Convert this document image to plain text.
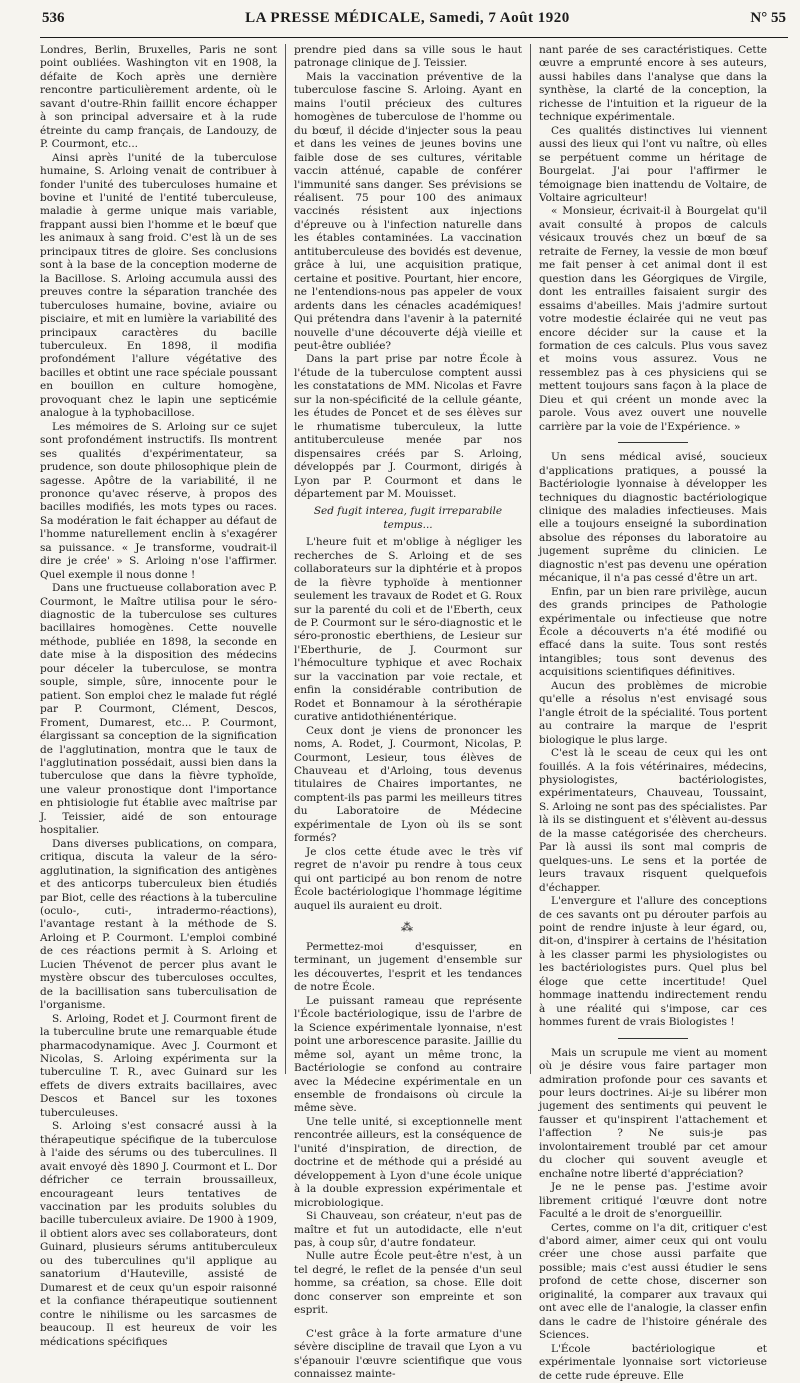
536	LA PRESSE MÉDICALE, Samedi, 7 Août 1920	N° 55

Londres, Berlin, Bruxelles, Paris ne sont point oubliées. Washington vit en 1908, la défaite de Koch après une dernière rencontre particulièrement ardente, où le savant d'outre-Rhin faillit encore échapper à son principal adversaire et à la rude étreinte du camp français, de Landouzy, de P. Courmont, etc...

Ainsi après l'unité de la tuberculose humaine, S. Arloing venait de contribuer à fonder l'unité des tuberculoses humaine et bovine et l'unité de l'entité tuberculeuse, maladie à germe unique mais variable, frappant aussi bien l'homme et le bœuf que les animaux à sang froid. C'est là un de ses principaux titres de gloire. Ses conclusions sont à la base de la conception moderne de la Bacillose. S. Arloing accumula aussi des preuves contre la séparation tranchée des tuberculoses humaine, bovine, aviaire ou pisciaire, et mit en lumière la variabilité des principaux caractères du bacille tuberculeux. En 1898, il modifia profondément l'allure végétative des bacilles et obtint une race spéciale poussant en bouillon en culture homogène, provoquant chez le lapin une septicémie analogue à la typhobacillose.

Les mémoires de S. Arloing sur ce sujet sont profondément instructifs. Ils montrent ses qualités d'expérimentateur, sa prudence, son doute philosophique plein de sagesse. Apôtre de la variabilité, il ne prononce qu'avec réserve, à propos des bacilles modifiés, les mots types ou races. Sa modération le fait échapper au défaut de l'homme naturellement enclin à s'exagérer sa puissance. « Je transforme, voudrait-il dire je crée' » S. Arloing n'ose l'affirmer. Quel exemple il nous donne !

Dans une fructueuse collaboration avec P. Courmont, le Maître utilisa pour le séro-diagnostic de la tuberculose ses cultures bacillaires homogènes. Cette nouvelle méthode, publiée en 1898, la seconde en date mise à la disposition des médecins pour déceler la tuberculose, se montra souple, simple, sûre, innocente pour le patient. Son emploi chez le malade fut réglé par P. Courmont, Clément, Descos, Froment, Dumarest, etc... P. Courmont, élargissant sa conception de la signification de l'agglutination, montra que le taux de l'agglutination possédait, aussi bien dans la tuberculose que dans la fièvre typhoïde, une valeur pronostique dont l'importance en phtisiologie fut établie avec maîtrise par J. Teissier, aidé de son entourage hospitalier.

Dans diverses publications, on compara, critiqua, discuta la valeur de la séro-agglutination, la signification des antigènes et des anticorps tuberculeux bien étudiés par Biot, celle des réactions à la tuberculine (oculo-, cuti-, intradermo-réactions), l'avantage restant à la méthode de S. Arloing et P. Courmont. L'emploi combiné de ces réactions permit à S. Arloing et Lucien Thévenot de percer plus avant le mystère obscur des tuberculoses occultes, de la bacillisation sans tuberculisation de l'organisme.

S. Arloing, Rodet et J. Courmont firent de la tuberculine brute une remarquable étude pharmacodynamique. Avec J. Courmont et Nicolas, S. Arloing expérimenta sur la tuberculine T. R., avec Guinard sur les effets de divers extraits bacillaires, avec Descos et Bancel sur les toxones tuberculeuses.

S. Arloing s'est consacré aussi à la thérapeutique spécifique de la tuberculose à l'aide des sérums ou des tuberculines. Il avait envoyé dès 1890 J. Courmont et L. Dor défricher ce terrain broussailleux, encourageant leurs tentatives de vaccination par les produits solubles du bacille tuberculeux aviaire. De 1900 à 1909, il obtient alors avec ses collaborateurs, dont Guinard, plusieurs sérums antituberculeux ou des tuberculines qu'il applique au sanatorium d'Hauteville, assisté de Dumarest et de ceux qu'un espoir raisonné et la confiance thérapeutique soutiennent contre le nihilisme ou les sarcasmes de beaucoup. Il est heureux de voir les médications spécifiques

prendre pied dans sa ville sous le haut patronage clinique de J. Teissier.

Mais la vaccination préventive de la tuberculose fascine S. Arloing. Ayant en mains l'outil précieux des cultures homogènes de tuberculose de l'homme ou du bœuf, il décide d'injecter sous la peau et dans les veines de jeunes bovins une faible dose de ses cultures, véritable vaccin atténué, capable de conférer l'immunité sans danger. Ses prévisions se réalisent. 75 pour 100 des animaux vaccinés résistent aux injections d'épreuve ou à l'infection naturelle dans les étables contaminées. La vaccination antituberculeuse des bovidés est devenue, grâce à lui, une acquisition pratique, certaine et positive. Pourtant, hier encore, ne l'entendions-nous pas appeler de voux ardents dans les cénacles académiques! Qui prétendra dans l'avenir à la paternité nouvelle d'une découverte déjà vieille et peut-être oubliée?

Dans la part prise par notre École à l'étude de la tuberculose comptent aussi les constatations de MM. Nicolas et Favre sur la non-spécificité de la cellule géante, les études de Poncet et de ses élèves sur le rhumatisme tuberculeux, la lutte antituberculeuse menée par nos dispensaires créés par S. Arloing, développés par J. Courmont, dirigés à Lyon par P. Courmont et dans le département par M. Mouisset.

Sed fugit interea, fugit irreparabile tempus...

L'heure fuit et m'oblige à négliger les recherches de S. Arloing et de ses collaborateurs sur la diphtérie et à propos de la fièvre typhoïde à mentionner seulement les travaux de Rodet et G. Roux sur la parenté du coli et de l'Eberth, ceux de P. Courmont sur le séro-diagnostic et le séro-pronostic eberthiens, de Lesieur sur l'Eberthurie, de J. Courmont sur l'hémoculture typhique et avec Rochaix sur la vaccination par voie rectale, et enfin la considérable contribution de Rodet et Bonnamour à la sérothérapie curative antidothiénentérique.

Ceux dont je viens de prononcer les noms, A. Rodet, J. Courmont, Nicolas, P. Courmont, Lesieur, tous élèves de Chauveau et d'Arloing, tous devenus titulaires de Chaires importantes, ne comptent-ils pas parmi les meilleurs titres du Laboratoire de Médecine expérimentale de Lyon où ils se sont formés?

Je clos cette étude avec le très vif regret de n'avoir pu rendre à tous ceux qui ont participé au bon renom de notre École bactériologique l'hommage légitime auquel ils auraient eu droit.

⁂

Permettez-moi d'esquisser, en terminant, un jugement d'ensemble sur les découvertes, l'esprit et les tendances de notre École.

Le puissant rameau que représente l'École bactériologique, issu de l'arbre de la Science expérimentale lyonnaise, n'est point une arborescence parasite. Jaillie du même sol, ayant un même tronc, la Bactériologie se confond au contraire avec la Médecine expérimentale en un ensemble de frondaisons où circule la même sève.

Une telle unité, si exceptionnelle ment rencontrée ailleurs, est la conséquence de l'unité d'inspiration, de direction, de doctrine et de méthode qui a présidé au développement à Lyon d'une école unique à la double expression expérimentale et microbiologique.

Si Chauveau, son créateur, n'eut pas de maître et fut un autodidacte, elle n'eut pas, à coup sûr, d'autre fondateur.

Nulle autre École peut-être n'est, à un tel degré, le reflet de la pensée d'un seul homme, sa création, sa chose. Elle doit donc conserver son empreinte et son esprit.

C'est grâce à la forte armature d'une sévère discipline de travail que Lyon a vu s'épanouir l'œuvre scientifique que vous connaissez mainte-

nant parée de ses caractéristiques. Cette œuvre a emprunté encore à ses auteurs, aussi habiles dans l'analyse que dans la synthèse, la clarté de la conception, la richesse de l'intuition et la rigueur de la technique expérimentale.

Ces qualités distinctives lui viennent aussi des lieux qui l'ont vu naître, où elles se perpétuent comme un héritage de Bourgelat. J'ai pour l'affirmer le témoignage bien inattendu de Voltaire, de Voltaire agriculteur!

« Monsieur, écrivait-il à Bourgelat qu'il avait consulté à propos de calculs vésicaux trouvés chez un bœuf de sa retraite de Ferney, la vessie de mon bœuf me fait penser à cet animal dont il est question dans les Géorgiques de Virgile, dont les entrailles faisaient surgir des essaims d'abeilles. Mais j'admire surtout votre modestie éclairée qui ne veut pas encore décider sur la cause et la formation de ces calculs. Plus vous savez et moins vous assurez. Vous ne ressemblez pas à ces physiciens qui se mettent toujours sans façon à la place de Dieu et qui créent un monde avec la parole. Vous avez ouvert une nouvelle carrière par la voie de l'Expérience. »

Un sens médical avisé, soucieux d'applications pratiques, a poussé la Bactériologie lyonnaise à développer les techniques du diagnostic bactériologique clinique des maladies infectieuses. Mais elle a toujours enseigné la subordination absolue des réponses du laboratoire au jugement suprême du clinicien. Le diagnostic n'est pas devenu une opération mécanique, il n'a pas cessé d'être un art.

Enfin, par un bien rare privilège, aucun des grands principes de Pathologie expérimentale ou infectieuse que notre École a découverts n'a été modifié ou effacé dans la suite. Tous sont restés intangibles; tous sont devenus des acquisitions scientifiques définitives.

Aucun des problèmes de microbie qu'elle a résolus n'est envisagé sous l'angle étroit de la spécialité. Tous portent au contraire la marque de l'esprit biologique le plus large.

C'est là le sceau de ceux qui les ont fouillés. A la fois vétérinaires, médecins, physiologistes, bactériologistes, expérimentateurs, Chauveau, Toussaint, S. Arloing ne sont pas des spécialistes. Par là ils se distinguent et s'élèvent au-dessus de la masse catégorisée des chercheurs. Par là aussi ils sont mal compris de quelques-uns. Le sens et la portée de leurs travaux risquent quelquefois d'échapper.

L'envergure et l'allure des conceptions de ces savants ont pu dérouter parfois au point de rendre injuste à leur égard, ou, dit-on, d'inspirer à certains de l'hésitation à les classer parmi les physiologistes ou les bactériologistes purs. Quel plus bel éloge que cette incertitude! Quel hommage inattendu indirectement rendu à une réalité qui s'impose, car ces hommes furent de vrais Biologistes !

Mais un scrupule me vient au moment où je désire vous faire partager mon admiration profonde pour ces savants et pour leurs doctrines. Ai-je su libérer mon jugement des sentiments qui peuvent le fausser et qu'inspirent l'attachement et l'affection ? Ne suis-je pas involontairement troublé par cet amour du clocher qui souvent aveugle et enchaîne notre liberté d'appréciation?

Je ne le pense pas. J'estime avoir librement critiqué l'œuvre dont notre Faculté a le droit de s'enorgueillir.

Certes, comme on l'a dit, critiquer c'est d'abord aimer, aimer ceux qui ont voulu créer une chose aussi parfaite que possible; mais c'est aussi étudier le sens profond de cette chose, discerner son originalité, la comparer aux travaux qui ont avec elle de l'analogie, la classer enfin dans le cadre de l'histoire générale des Sciences.

L'École bactériologique et expérimentale lyonnaise sort victorieuse de cette rude épreuve. Elle
